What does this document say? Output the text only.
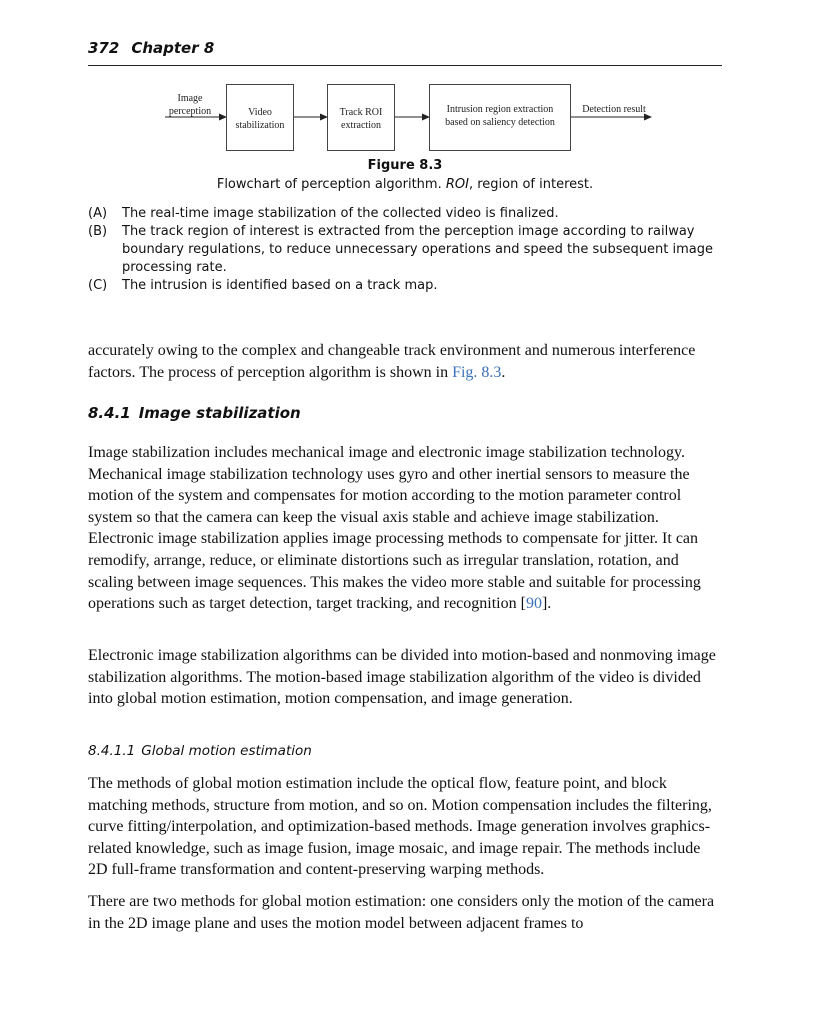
372 Chapter 8
Image
perception	Video
stabilization
Track ROI
extraction
Intrusion region extraction
based on saliency detection
Detection result
Figure 8.3
Flowchart of perception algorithm. ROI, region of interest.
(A)	The real-time image stabilization of the collected video is finalized.
(B)	The track region of interest is extracted from the perception image according to railway boundary regulations, to reduce unnecessary operations and speed the subsequent image processing rate.
(C)	The intrusion is identified based on a track map.

accurately owing to the complex and changeable track environment and numerous interference factors. The process of perception algorithm is shown in Fig. 8.3.

8.4.1 Image stabilization

Image stabilization includes mechanical image and electronic image stabilization technology. Mechanical image stabilization technology uses gyro and other inertial sensors to measure the motion of the system and compensates for motion according to the motion parameter control system so that the camera can keep the visual axis stable and achieve image stabilization. Electronic image stabilization applies image processing methods to compensate for jitter. It can remodify, arrange, reduce, or eliminate distortions such as irregular translation, rotation, and scaling between image sequences. This makes the video more stable and suitable for processing operations such as target detection, target tracking, and recognition [90].

Electronic image stabilization algorithms can be divided into motion-based and nonmoving image stabilization algorithms. The motion-based image stabilization algorithm of the video is divided into global motion estimation, motion compensation, and image generation.

8.4.1.1 Global motion estimation

The methods of global motion estimation include the optical flow, feature point, and block matching methods, structure from motion, and so on. Motion compensation includes the filtering, curve fitting/interpolation, and optimization-based methods. Image generation involves graphics-related knowledge, such as image fusion, image mosaic, and image repair. The methods include 2D full-frame transformation and content-preserving warping methods.

There are two methods for global motion estimation: one considers only the motion of the camera in the 2D image plane and uses the motion model between adjacent frames to
